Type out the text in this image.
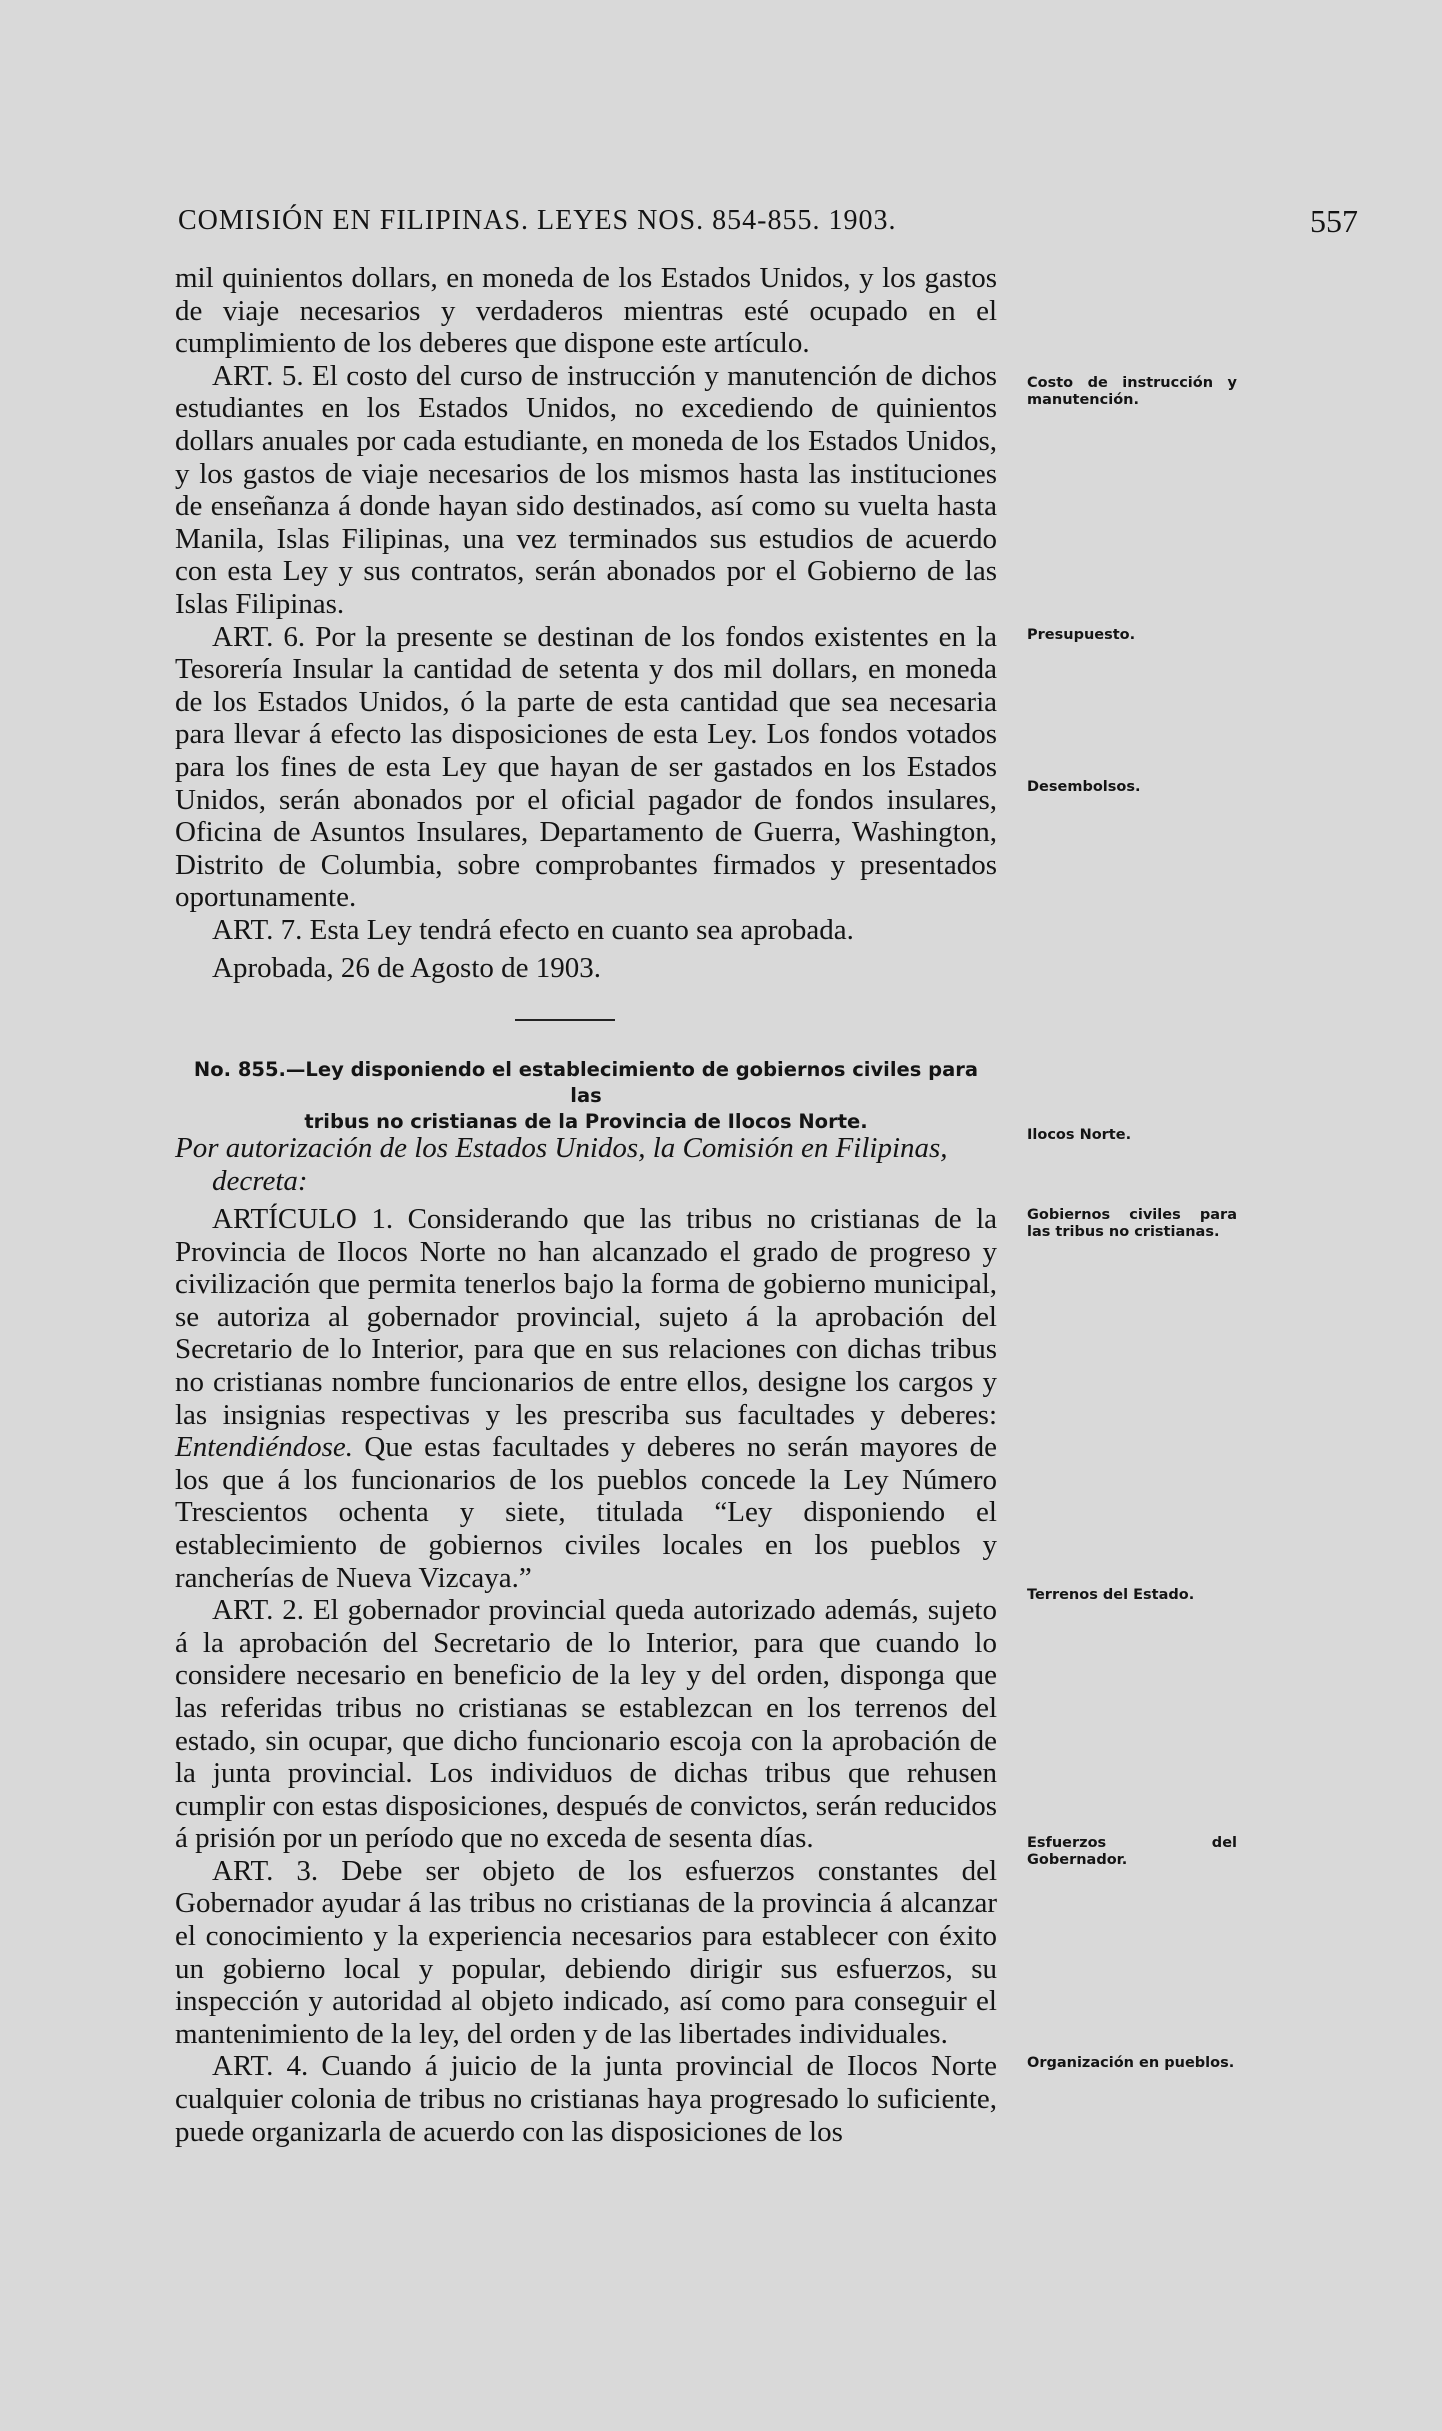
COMISIÓN EN FILIPINAS. LEYES NOS. 854-855. 1903.	557

mil quinientos dollars, en moneda de los Estados Unidos, y los gastos de viaje necesarios y verdaderos mientras esté ocupado en el cumplimiento de los deberes que dispone este artículo.

ART. 5. El costo del curso de instrucción y manutención de dichos estudiantes en los Estados Unidos, no excediendo de quinientos dollars anuales por cada estudiante, en moneda de los Estados Unidos, y los gastos de viaje necesarios de los mismos hasta las instituciones de enseñanza á donde hayan sido destinados, así como su vuelta hasta Manila, Islas Filipinas, una vez terminados sus estudios de acuerdo con esta Ley y sus contratos, serán abonados por el Gobierno de las Islas Filipinas.

ART. 6. Por la presente se destinan de los fondos existentes en la Tesorería Insular la cantidad de setenta y dos mil dollars, en moneda de los Estados Unidos, ó la parte de esta cantidad que sea necesaria para llevar á efecto las disposiciones de esta Ley. Los fondos votados para los fines de esta Ley que hayan de ser gastados en los Estados Unidos, serán abonados por el oficial pagador de fondos insulares, Oficina de Asuntos Insulares, Departamento de Guerra, Washington, Distrito de Columbia, sobre comprobantes firmados y presentados oportunamente.

ART. 7. Esta Ley tendrá efecto en cuanto sea aprobada.

Aprobada, 26 de Agosto de 1903.

No. 855.—Ley disponiendo el establecimiento de gobiernos civiles para las
tribus no cristianas de la Provincia de Ilocos Norte.
Por autorización de los Estados Unidos, la Comisión en Filipinas,
decreta:

ARTÍCULO 1. Considerando que las tribus no cristianas de la Provincia de Ilocos Norte no han alcanzado el grado de progreso y civilización que permita tenerlos bajo la forma de gobierno municipal, se autoriza al gobernador provincial, sujeto á la aprobación del Secretario de lo Interior, para que en sus relaciones con dichas tribus no cristianas nombre funcionarios de entre ellos, designe los cargos y las insignias respectivas y les prescriba sus facultades y deberes: Entendiéndose. Que estas facultades y deberes no serán mayores de los que á los funcionarios de los pueblos concede la Ley Número Trescientos ochenta y siete, titulada “Ley disponiendo el establecimiento de gobiernos civiles locales en los pueblos y rancherías de Nueva Vizcaya.”

ART. 2. El gobernador provincial queda autorizado además, sujeto á la aprobación del Secretario de lo Interior, para que cuando lo considere necesario en beneficio de la ley y del orden, disponga que las referidas tribus no cristianas se establezcan en los terrenos del estado, sin ocupar, que dicho funcionario escoja con la aprobación de la junta provincial. Los individuos de dichas tribus que rehusen cumplir con estas disposiciones, después de convictos, serán reducidos á prisión por un período que no exceda de sesenta días.

ART. 3. Debe ser objeto de los esfuerzos constantes del Gobernador ayudar á las tribus no cristianas de la provincia á alcanzar el conocimiento y la experiencia necesarios para establecer con éxito un gobierno local y popular, debiendo dirigir sus esfuerzos, su inspección y autoridad al objeto indicado, así como para conseguir el mantenimiento de la ley, del orden y de las libertades individuales.

ART. 4. Cuando á juicio de la junta provincial de Ilocos Norte cualquier colonia de tribus no cristianas haya progresado lo suficiente, puede organizarla de acuerdo con las disposiciones de los

Costo de instrucción y manutención.
Presupuesto.
Desembolsos.
Ilocos Norte.
Gobiernos civiles para las tribus no cristianas.
Terrenos del Estado.
Esfuerzos del Gobernador.
Organización en pueblos.
